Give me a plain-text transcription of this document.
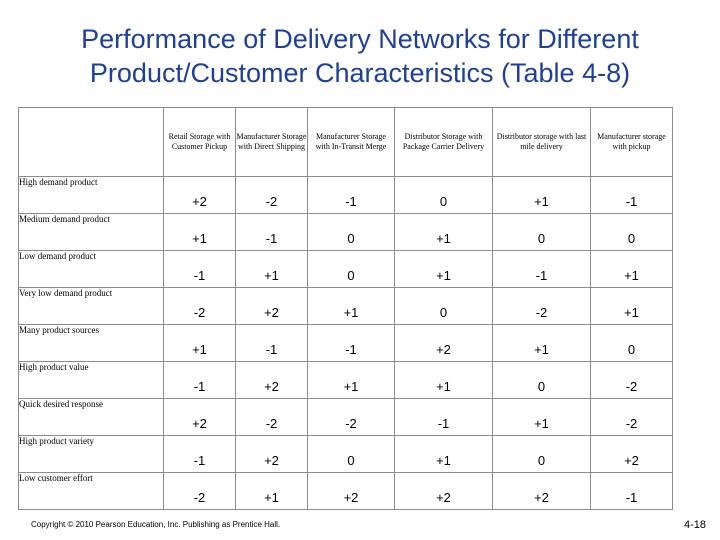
Performance of Delivery Networks for Different
Product/Customer Characteristics (Table 4-8)
	Retail Storage with Customer Pickup	Manufacturer Storage with Direct Shipping	Manufacturer Storage with In-Transit Merge	Distributor Storage with Package Carrier Delivery	Distributor storage with last mile delivery	Manufacturer storage with pickup
High demand product	+2	-2	-1	0	+1	-1
Medium demand product	+1	-1	0	+1	0	0
Low demand product	-1	+1	0	+1	-1	+1
Very low demand product	-2	+2	+1	0	-2	+1
Many product sources	+1	-1	-1	+2	+1	0
High product value	-1	+2	+1	+1	0	-2
Quick desired response	+2	-2	-2	-1	+1	-2
High product variety	-1	+2	0	+1	0	+2
Low customer effort	-2	+1	+2	+2	+2	-1
Copyright © 2010 Pearson Education, Inc. Publishing as Prentice Hall.	4-18
